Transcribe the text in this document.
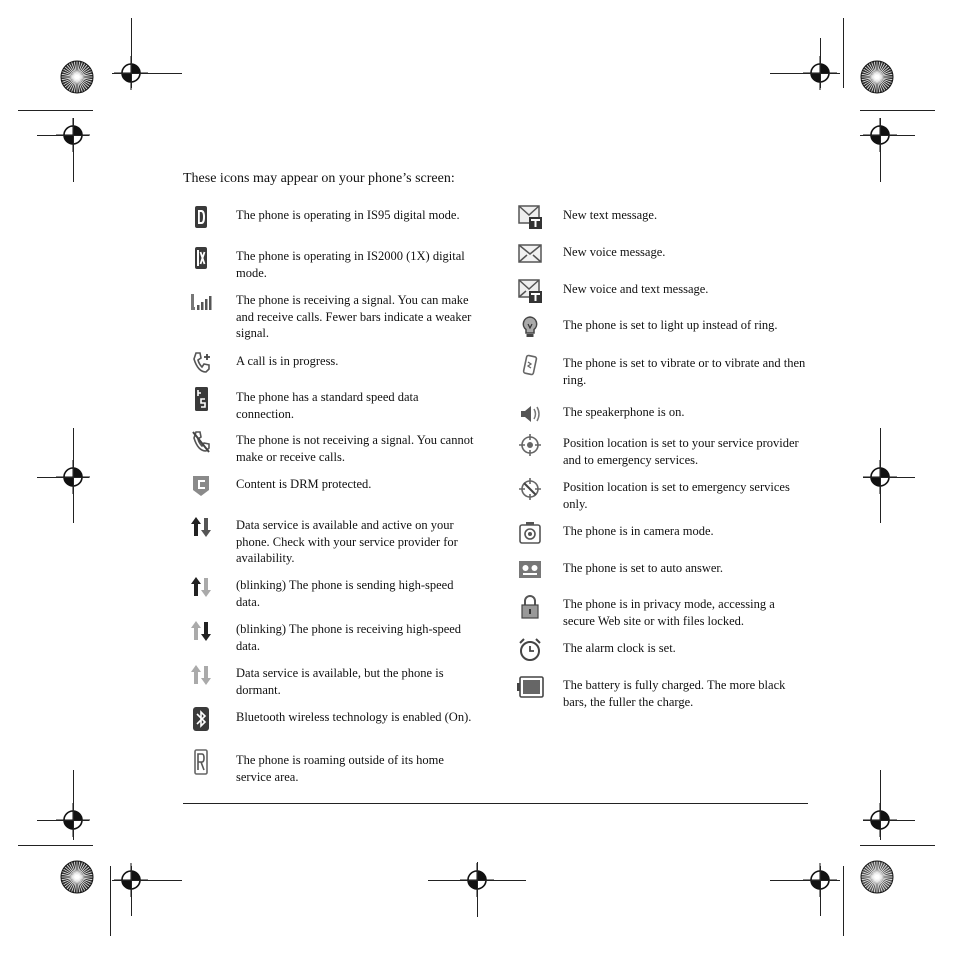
These icons may appear on your phone’s screen:
The phone is operating in IS95 digital mode.
The phone is operating in IS2000 (1X) digital mode.
The phone is receiving a signal. You can make and receive calls. Fewer bars indicate a weaker signal.
A call is in progress.
The phone has a standard speed data connection.
The phone is not receiving a signal. You cannot make or receive calls.
Content is DRM protected.
Data service is available and active on your phone. Check with your service provider for availability.
(blinking) The phone is sending high-speed data.
(blinking) The phone is receiving high-speed data.
Data service is available, but the phone is dormant.
Bluetooth wireless technology is enabled (On).
The phone is roaming outside of its home service area.
New text message.
New voice message.
New voice and text message.
The phone is set to light up instead of ring.
The phone is set to vibrate or to vibrate and then ring.
The speakerphone is on.
Position location is set to your service provider and to emergency services.
Position location is set to emergency services only.
The phone is in camera mode.
The phone is set to auto answer.
The phone is in privacy mode, accessing a secure Web site or with files locked.
The alarm clock is set.
The battery is fully charged. The more black bars, the fuller the charge.
